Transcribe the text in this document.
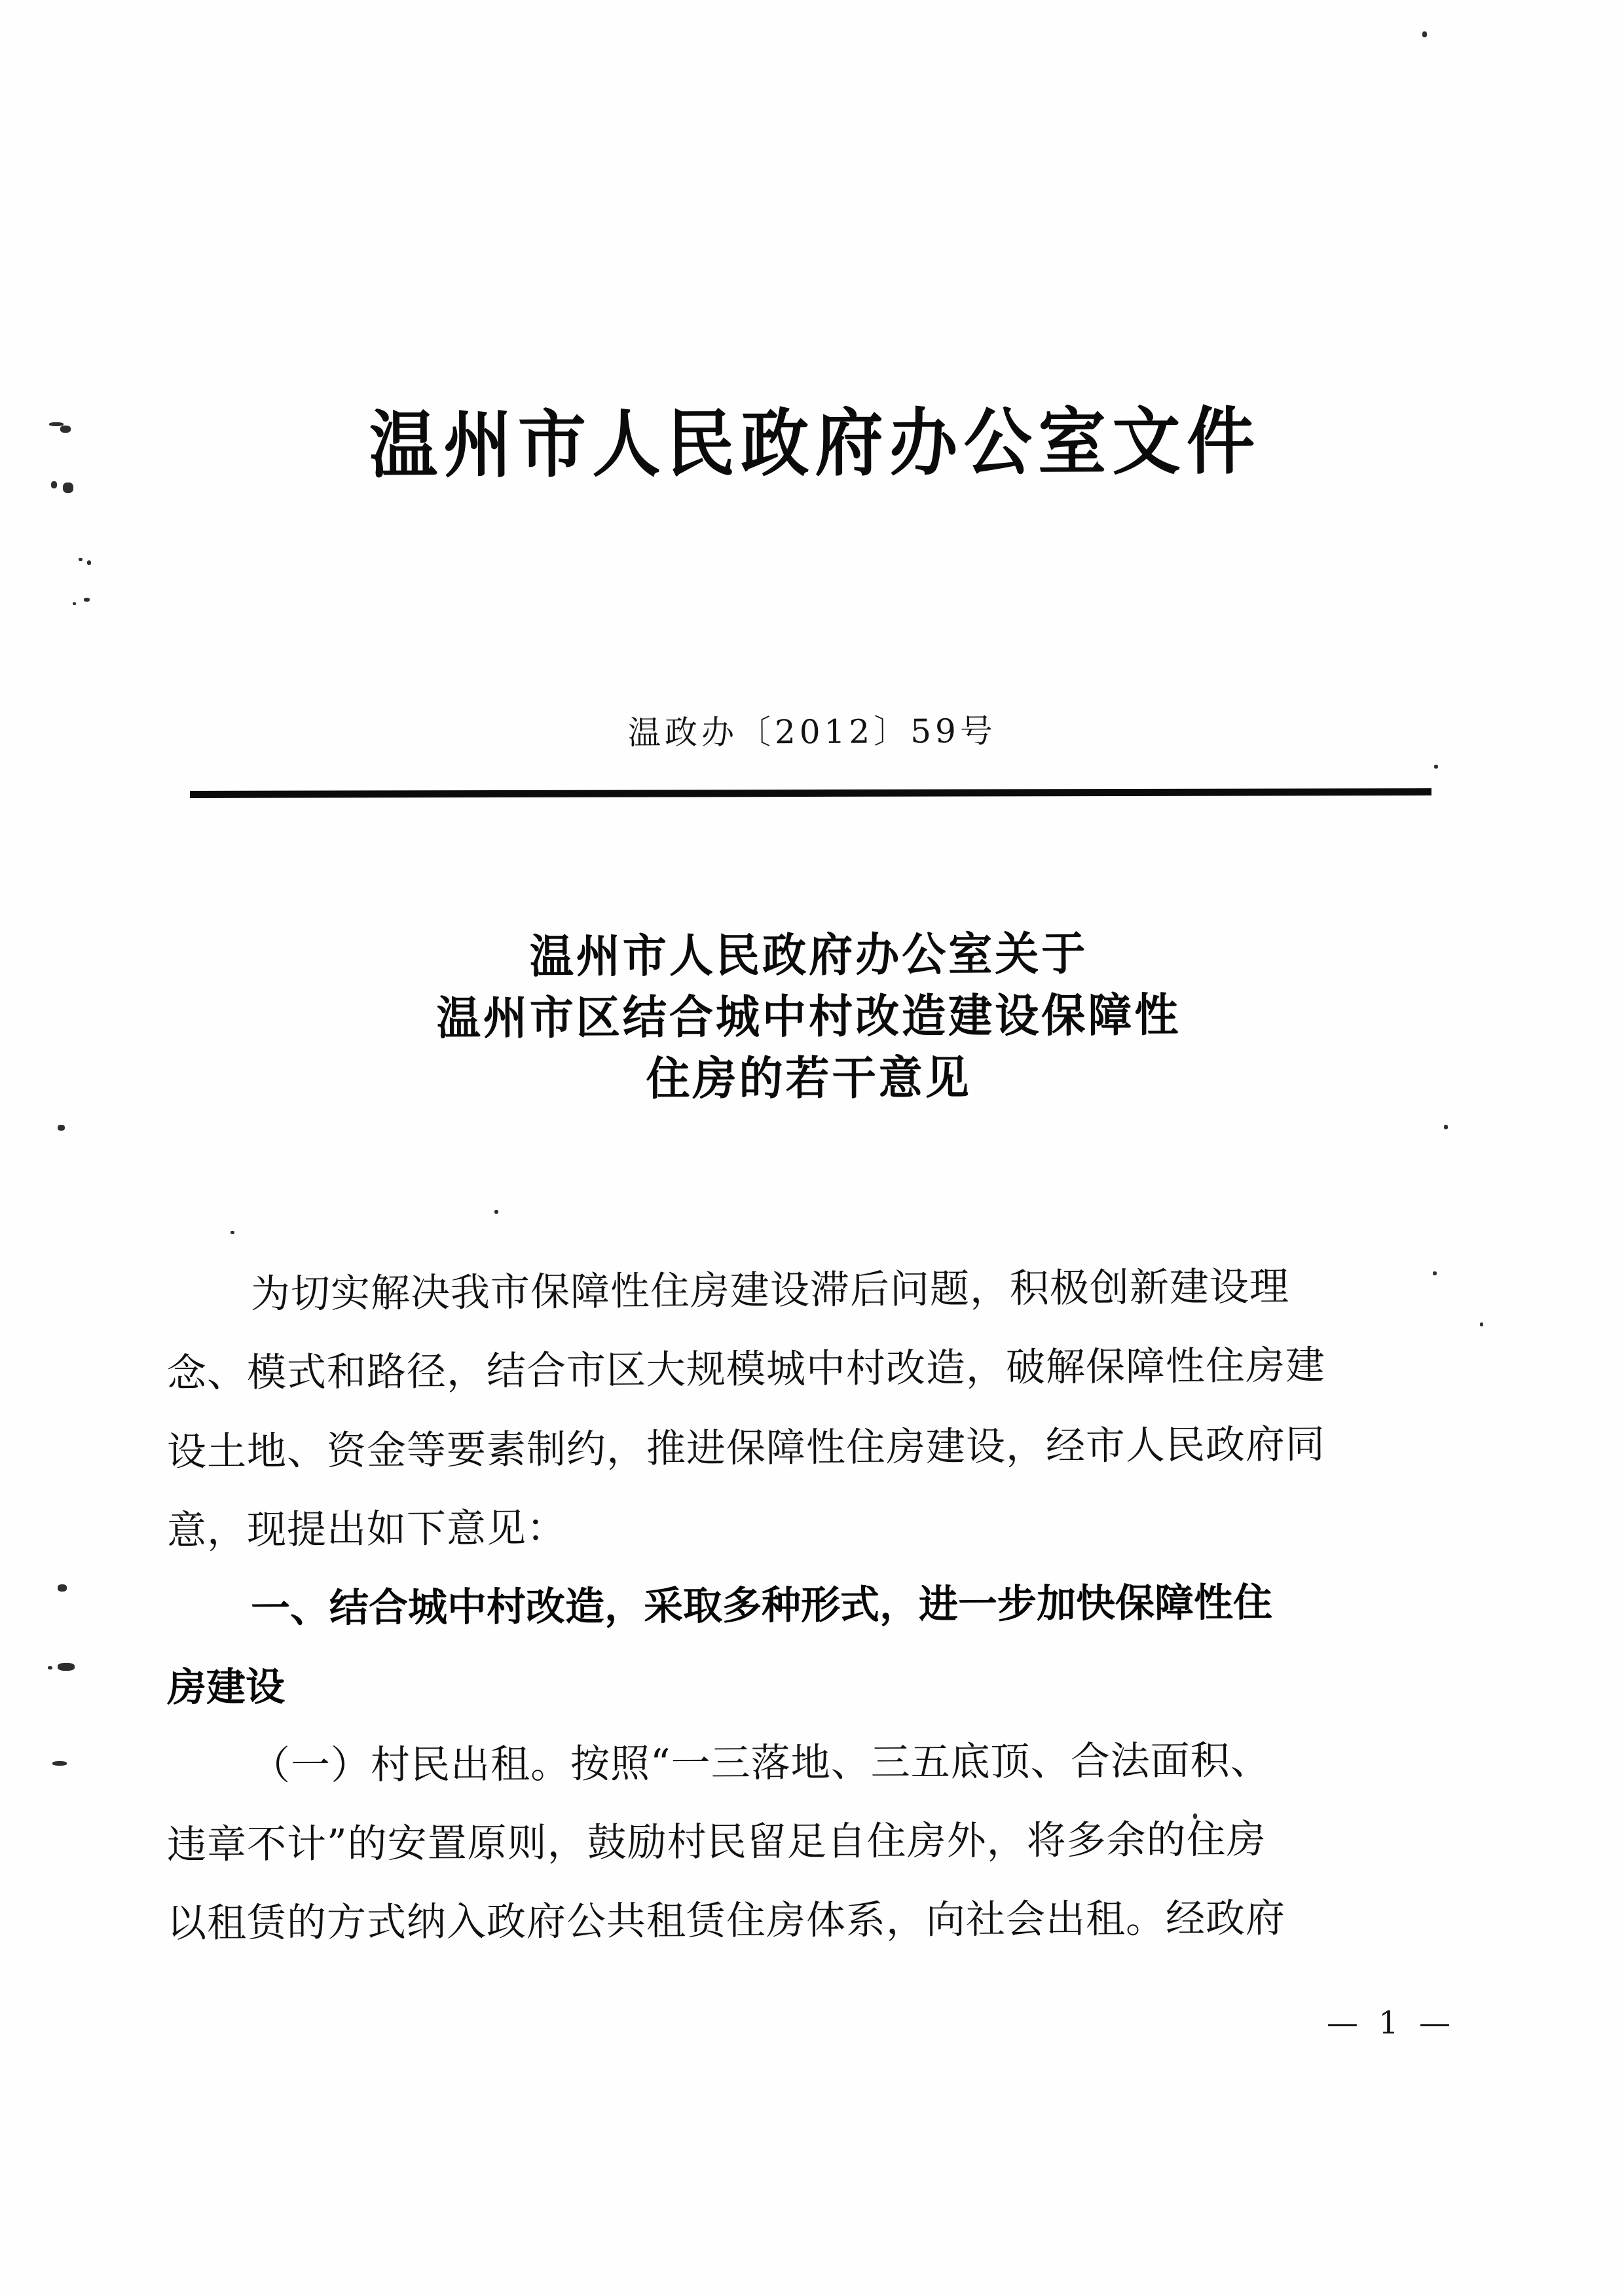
温州市人民政府办公室文件
温政办〔2012〕59号
温州市人民政府办公室关于
温州市区结合城中村改造建设保障性
住房的若干意见
为切实解决我市保障性住房建设滞后问题，积极创新建设理
念、模式和路径，结合市区大规模城中村改造，破解保障性住房建
设土地、资金等要素制约，推进保障性住房建设，经市人民政府同
意，现提出如下意见：
一、结合城中村改造，采取多种形式，进一步加快保障性住
房建设
（一）村民出租。按照“一三落地、三五底顶、合法面积、
违章不计”的安置原则，鼓励村民留足自住房外，将多余的住房
以租赁的方式纳入政府公共租赁住房体系，向社会出租。经政府
— 1 —
